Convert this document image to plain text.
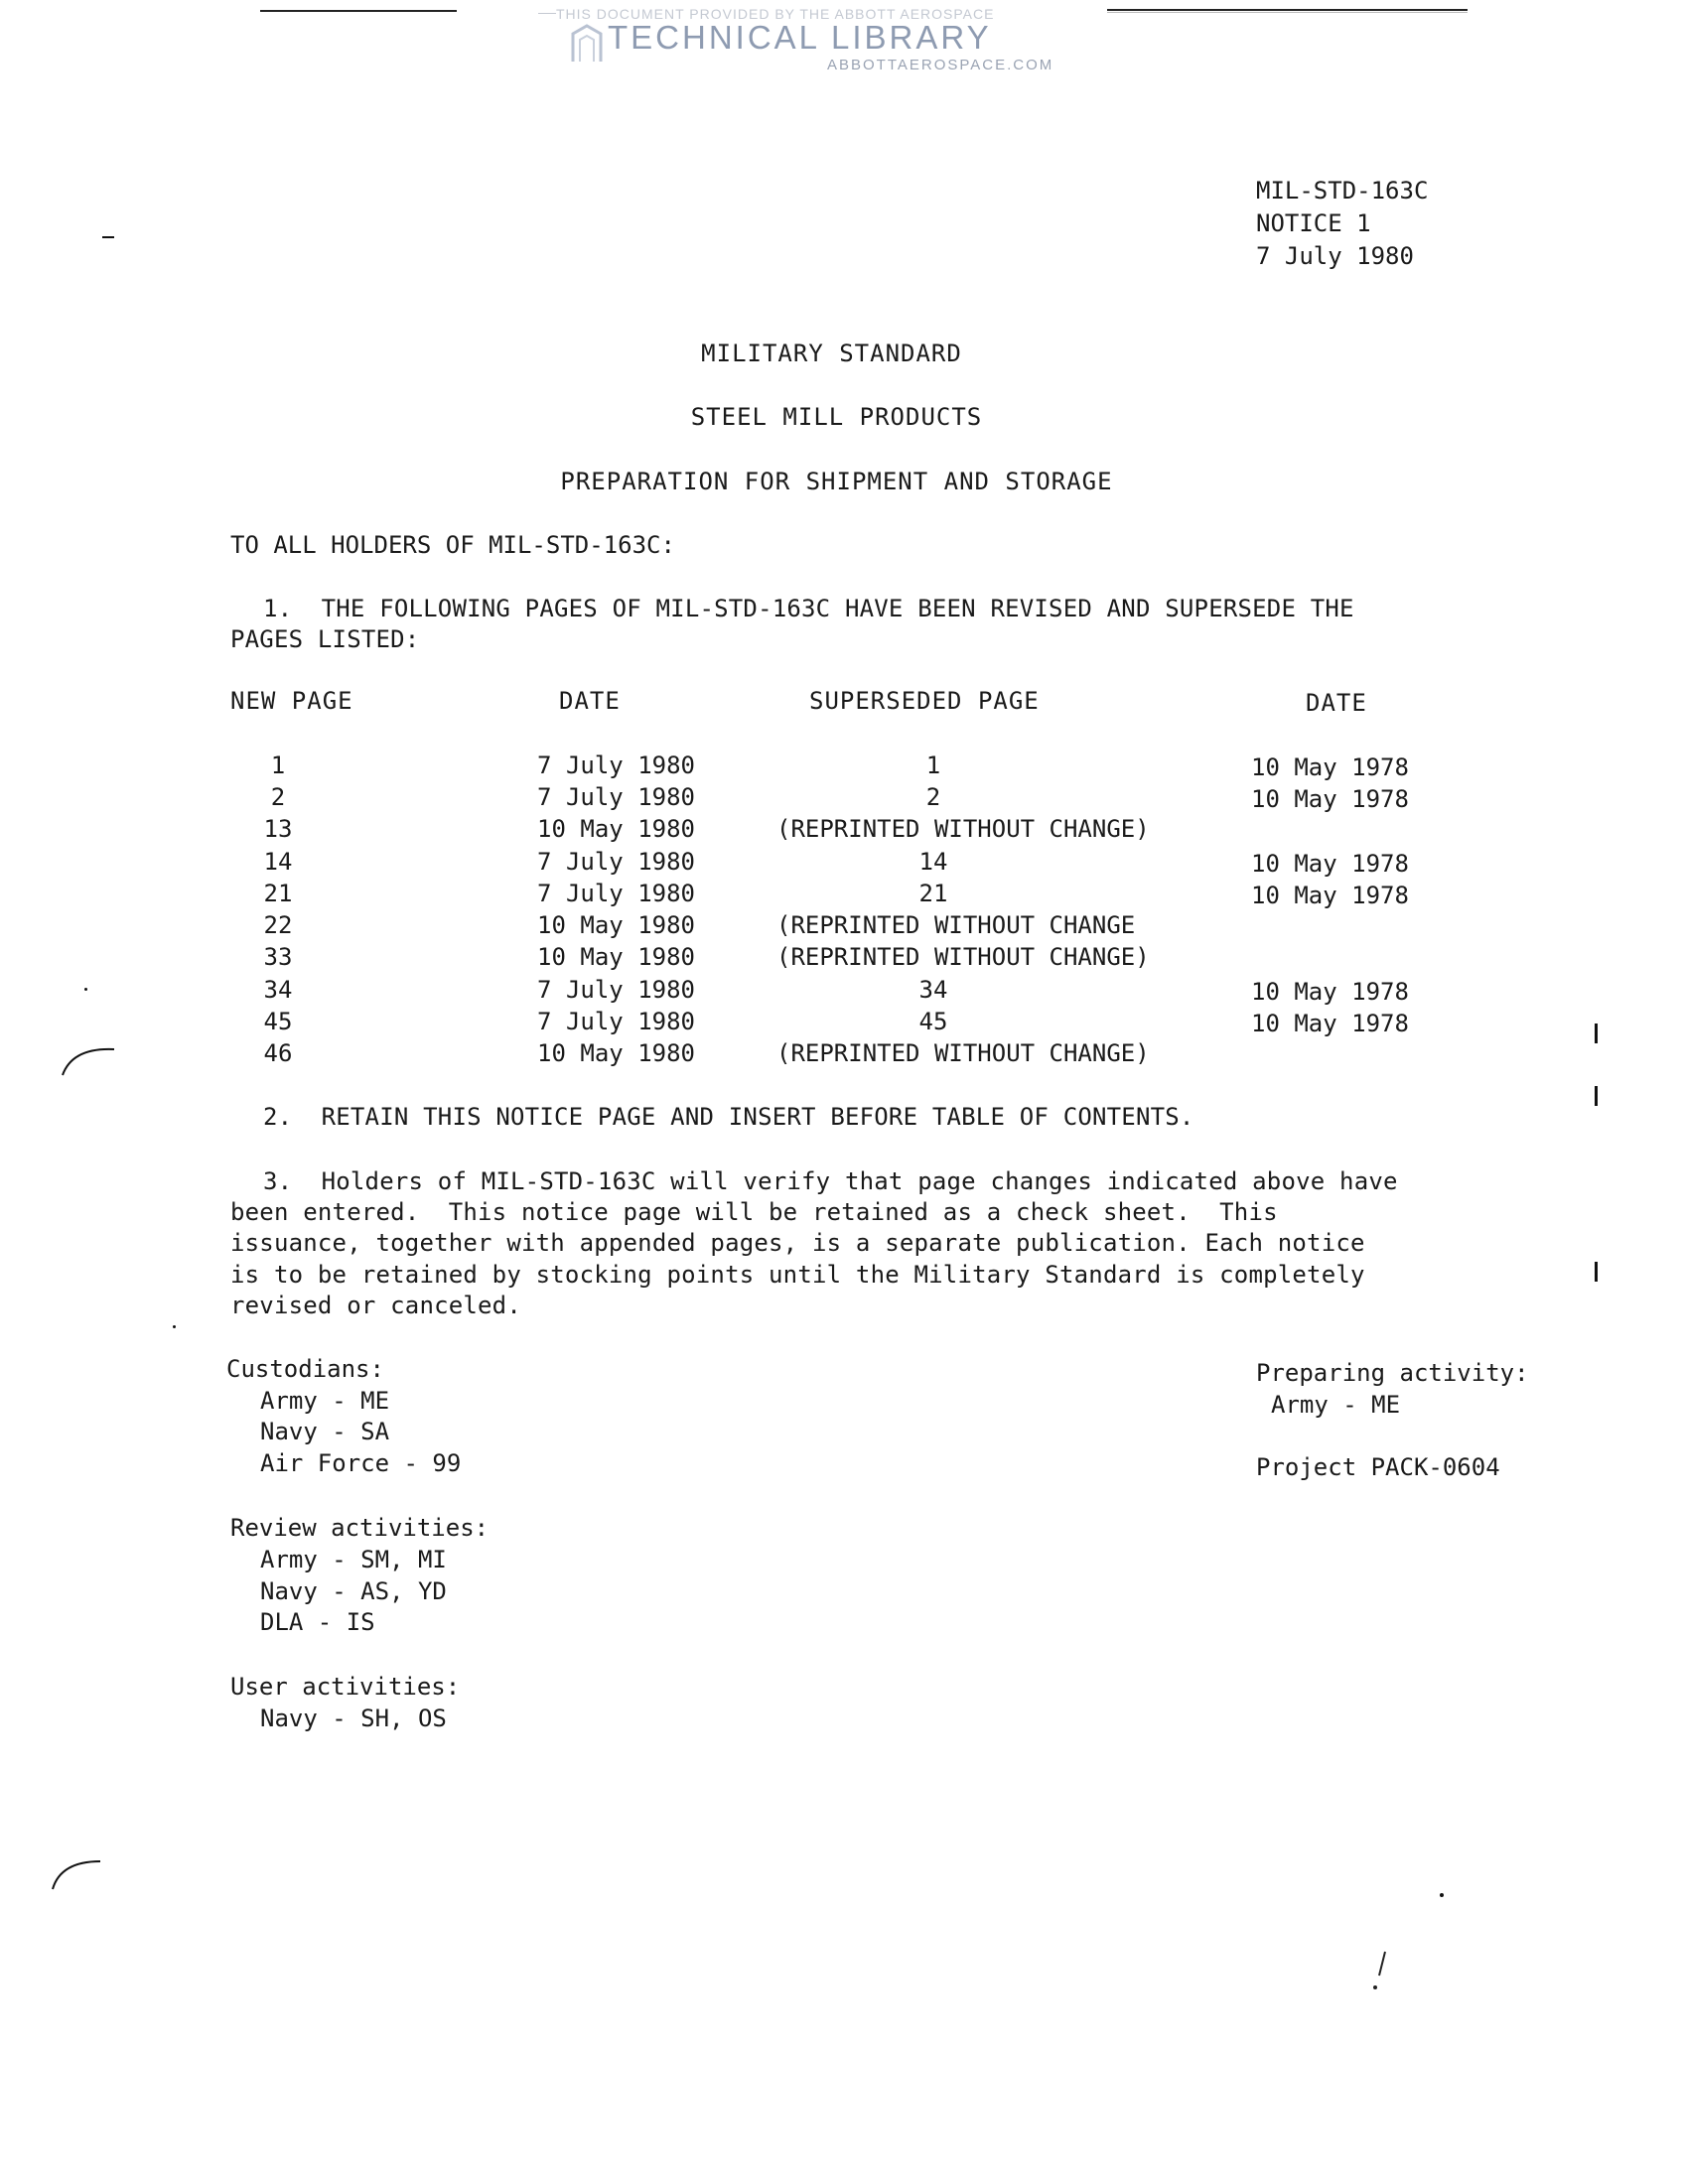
THIS DOCUMENT PROVIDED BY THE ABBOTT AEROSPACE
TECHNICAL LIBRARY
ABBOTTAEROSPACE.COM
MIL-STD-163C
NOTICE 1
7 July 1980
MILITARY STANDARD
STEEL MILL PRODUCTS
PREPARATION FOR SHIPMENT AND STORAGE
TO ALL HOLDERS OF MIL-STD-163C:
1.  THE FOLLOWING PAGES OF MIL-STD-163C HAVE BEEN REVISED AND SUPERSEDE THE
PAGES LISTED:
NEW PAGE	DATE	SUPERSEDED PAGE	DATE
1	7 July 1980	1	10 May 1978
2	7 July 1980	2	10 May 1978
13	10 May 1980	(REPRINTED WITHOUT CHANGE)
14	7 July 1980	14	10 May 1978
21	7 July 1980	21	10 May 1978
22	10 May 1980	(REPRINTED WITHOUT CHANGE
33	10 May 1980	(REPRINTED WITHOUT CHANGE)
34	7 July 1980	34	10 May 1978
45	7 July 1980	45	10 May 1978
46	10 May 1980	(REPRINTED WITHOUT CHANGE)
2.  RETAIN THIS NOTICE PAGE AND INSERT BEFORE TABLE OF CONTENTS.
3.  Holders of MIL-STD-163C will verify that page changes indicated above have
been entered.  This notice page will be retained as a check sheet.  This
issuance, together with appended pages, is a separate publication. Each notice
is to be retained by stocking points until the Military Standard is completely
revised or canceled.
Custodians:
Army - ME
Navy - SA
Air Force - 99
Preparing activity:
Army - ME
Project PACK-0604
Review activities:
Army - SM, MI
Navy - AS, YD
DLA - IS
User activities:
Navy - SH, OS
